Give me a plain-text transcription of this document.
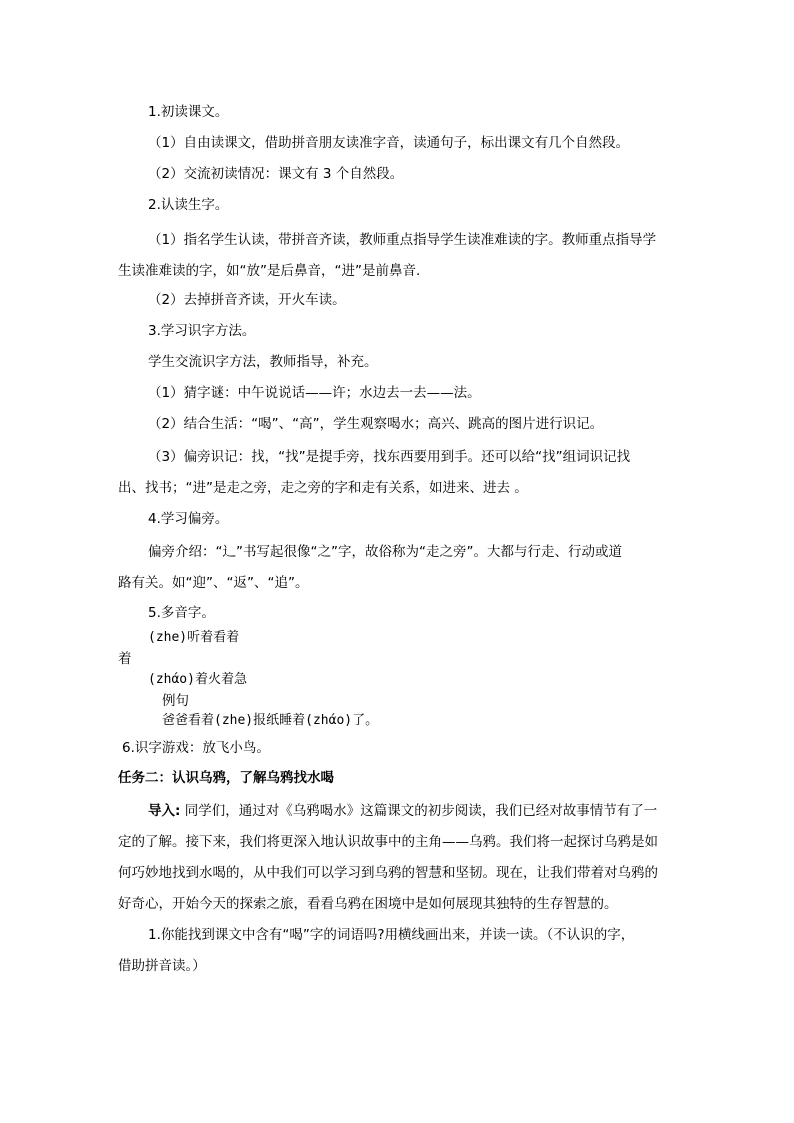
1.初读课文。
（1）自由读课文，借助拼音朋友读准字音，读通句子，标出课文有几个自然段。
（2）交流初读情况：课文有 3 个自然段。
2.认读生字。
（1）指名学生认读，带拼音齐读，教师重点指导学生读准难读的字。教师重点指导学
生读准难读的字，如“放”是后鼻音，“进”是前鼻音.
（2）去掉拼音齐读，开火车读。
3.学习识字方法。
学生交流识字方法，教师指导，补充。
（1）猜字谜：中午说说话——许；水边去一去——法。
（2）结合生活：“喝”、“高”，学生观察喝水；高兴、跳高的图片进行识记。
（3）偏旁识记：找，“找”是提手旁，找东西要用到手。还可以给“找”组词识记找
出、找书；“进”是走之旁，走之旁的字和走有关系，如进来、进去 。
4.学习偏旁。
偏旁介绍：“辶”书写起很像“之”字，故俗称为“走之旁”。大都与行走、行动或道
路有关。如“迎”、“返”、“追”。
5.多音字。
(zhe)听着看着
着
(zhάo)着火着急
例句
爸爸看着(zhe)报纸睡着(zhάo)了。
6.识字游戏：放飞小鸟。
任务二：认识乌鸦，了解乌鸦找水喝
导入: 同学们，通过对《乌鸦喝水》这篇课文的初步阅读，我们已经对故事情节有了一
定的了解。接下来，我们将更深入地认识故事中的主角——乌鸦。我们将一起探讨乌鸦是如
何巧妙地找到水喝的，从中我们可以学习到乌鸦的智慧和坚韧。现在，让我们带着对乌鸦的
好奇心，开始今天的探索之旅，看看乌鸦在困境中是如何展现其独特的生存智慧的。
1.你能找到课文中含有“喝”字的词语吗?用横线画出来，并读一读。（不认识的字，
借助拼音读。）
